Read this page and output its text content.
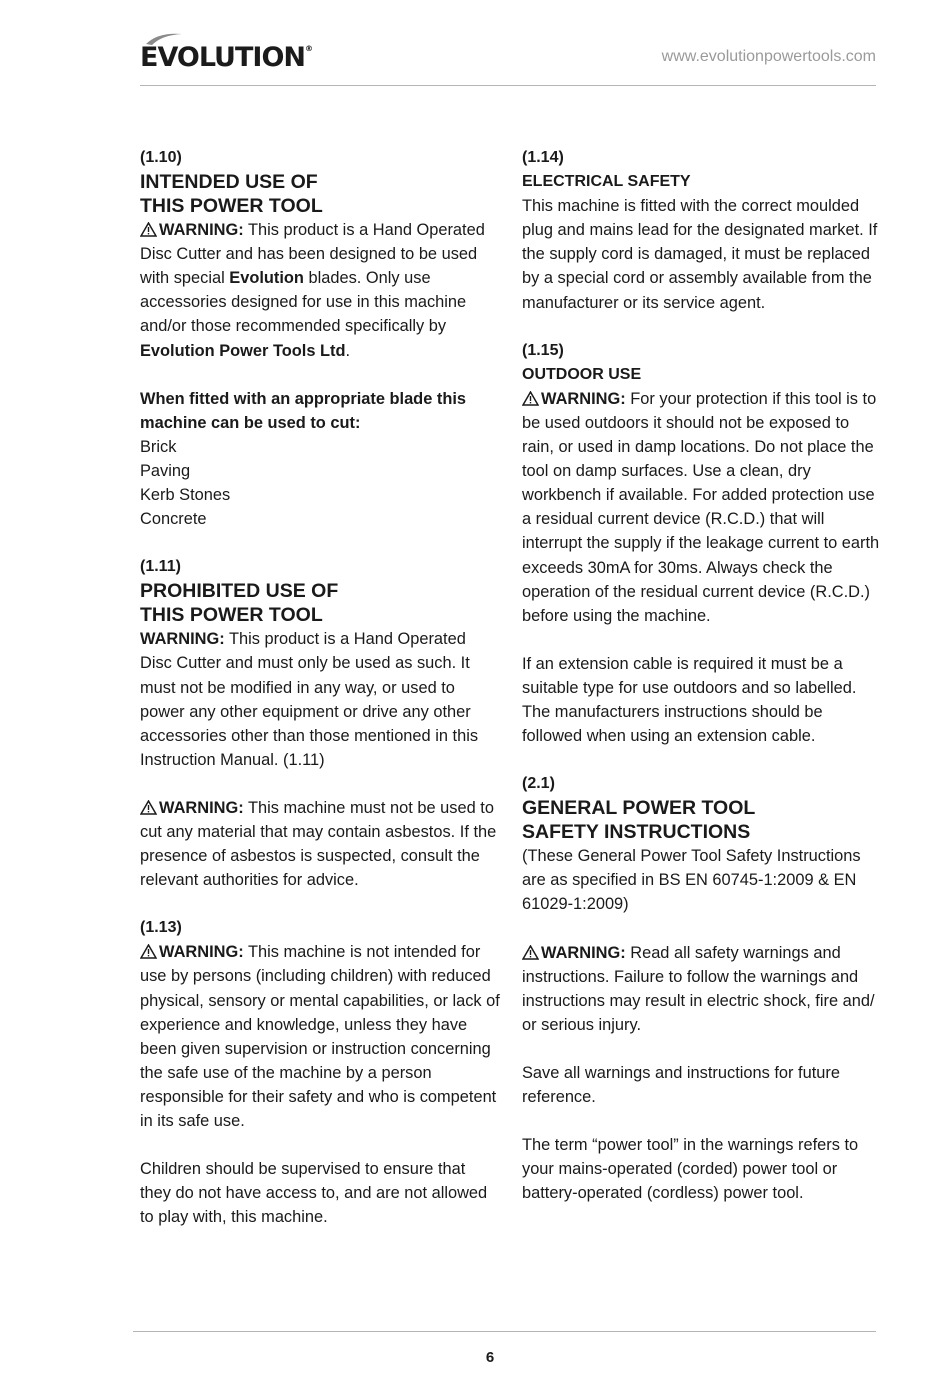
EVOLUTION®	www.evolutionpowertools.com
(1.10)
INTENDED USE OF
THIS POWER TOOL

WARNING: This product is a Hand Operated Disc Cutter and has been designed to be used with special Evolution blades. Only use accessories designed for use in this machine and/or those recommended specifically by Evolution Power Tools Ltd.

When fitted with an appropriate blade this machine can be used to cut:

Brick
Paving
Kerb Stones
Concrete
(1.11)
PROHIBITED USE OF
THIS POWER TOOL

WARNING: This product is a Hand Operated Disc Cutter and must only be used as such. It must not be modified in any way, or used to power any other equipment or drive any other accessories other than those mentioned in this Instruction Manual. (1.11)

WARNING: This machine must not be used to cut any material that may contain asbestos. If the presence of asbestos is suspected, consult the relevant authorities for advice.

(1.13)

WARNING: This machine is not intended for use by persons (including children) with reduced physical, sensory or mental capabilities, or lack of experience and knowledge, unless they have been given supervision or instruction concerning the safe use of the machine by a person responsible for their safety and who is competent in its safe use.

Children should be supervised to ensure that they do not have access to, and are not allowed to play with, this machine.

(1.14)
ELECTRICAL SAFETY

This machine is fitted with the correct moulded plug and mains lead for the designated market. If the supply cord is damaged, it must be replaced by a special cord or assembly available from the manufacturer or its service agent.

(1.15)
OUTDOOR USE

WARNING: For your protection if this tool is to be used outdoors it should not be exposed to rain, or used in damp locations. Do not place the tool on damp surfaces. Use a clean, dry workbench if available. For added protection use a residual current device (R.C.D.) that will interrupt the supply if the leakage current to earth exceeds 30mA for 30ms. Always check the operation of the residual current device (R.C.D.) before using the machine.

If an extension cable is required it must be a suitable type for use outdoors and so labelled. The manufacturers instructions should be followed when using an extension cable.

(2.1)
GENERAL POWER TOOL
SAFETY INSTRUCTIONS

(These General Power Tool Safety Instructions are as specified in BS EN 60745-1:2009 & EN 61029-1:2009)

WARNING: Read all safety warnings and instructions. Failure to follow the warnings and instructions may result in electric shock, fire and/ or serious injury.

Save all warnings and instructions for future reference.

The term “power tool” in the warnings refers to your mains-operated (corded) power tool or battery-operated (cordless) power tool.

6
